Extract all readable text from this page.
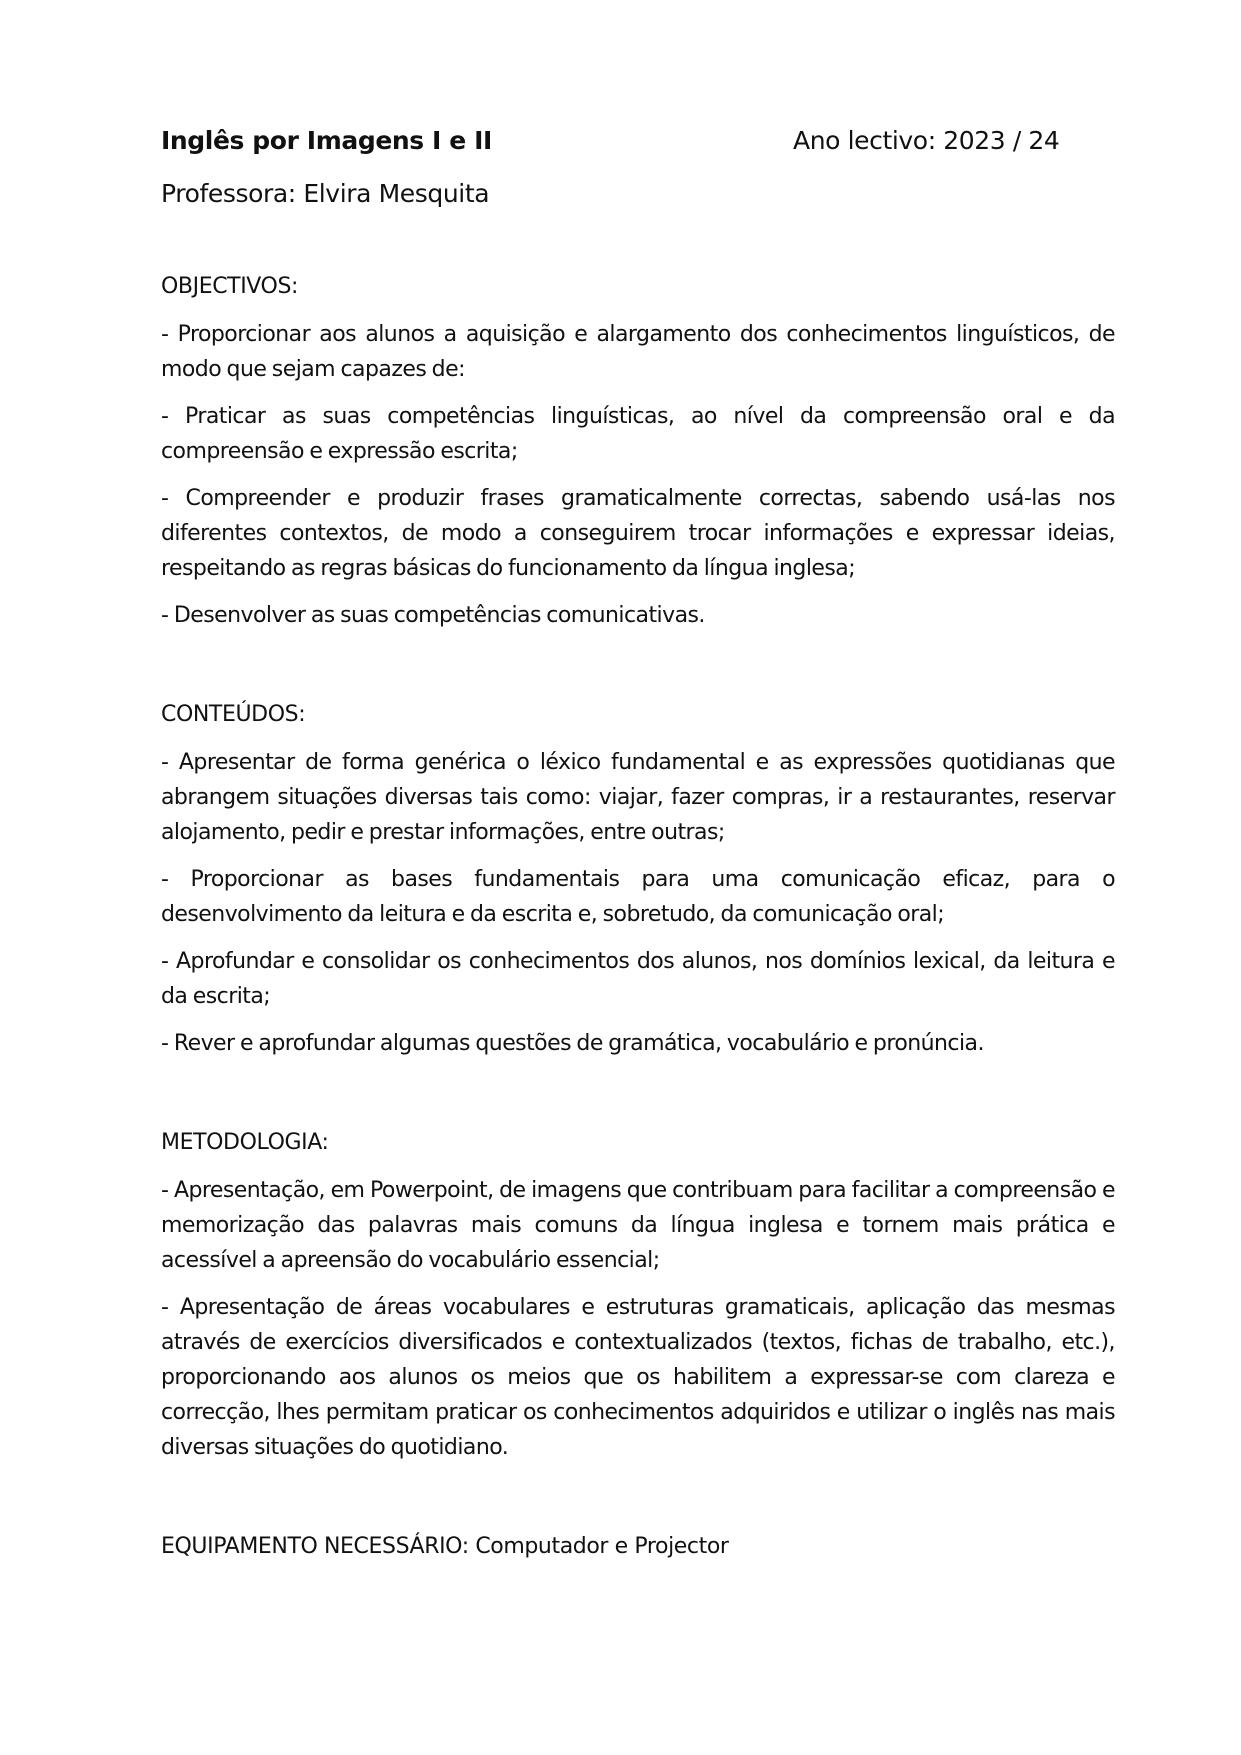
Inglês por Imagens I e II	Ano lectivo: 2023 / 24
Professora: Elvira Mesquita
OBJECTIVOS:

- Proporcionar aos alunos a aquisição e alargamento dos conhecimentos linguísticos, de modo que sejam capazes de:

- Praticar as suas competências linguísticas, ao nível da compreensão oral e da compreensão e expressão escrita;

- Compreender e produzir frases gramaticalmente correctas, sabendo usá-las nos diferentes contextos, de modo a conseguirem trocar informações e expressar ideias, respeitando as regras básicas do funcionamento da língua inglesa;

- Desenvolver as suas competências comunicativas.

CONTEÚDOS:

- Apresentar de forma genérica o léxico fundamental e as expressões quotidianas que abrangem situações diversas tais como: viajar, fazer compras, ir a restaurantes, reservar alojamento, pedir e prestar informações, entre outras;

- Proporcionar as bases fundamentais para uma comunicação eficaz, para o desenvolvimento da leitura e da escrita e, sobretudo, da comunicação oral;

- Aprofundar e consolidar os conhecimentos dos alunos, nos domínios lexical, da leitura e da escrita;

- Rever e aprofundar algumas questões de gramática, vocabulário e pronúncia.

METODOLOGIA:

- Apresentação, em Powerpoint, de imagens que contribuam para facilitar a compreensão e memorização das palavras mais comuns da língua inglesa e tornem mais prática e acessível a apreensão do vocabulário essencial;

- Apresentação de áreas vocabulares e estruturas gramaticais, aplicação das mesmas através de exercícios diversificados e contextualizados (textos, fichas de trabalho, etc.), proporcionando aos alunos os meios que os habilitem a expressar-se com clareza e correcção, lhes permitam praticar os conhecimentos adquiridos e utilizar o inglês nas mais diversas situações do quotidiano.

EQUIPAMENTO NECESSÁRIO: Computador e Projector
